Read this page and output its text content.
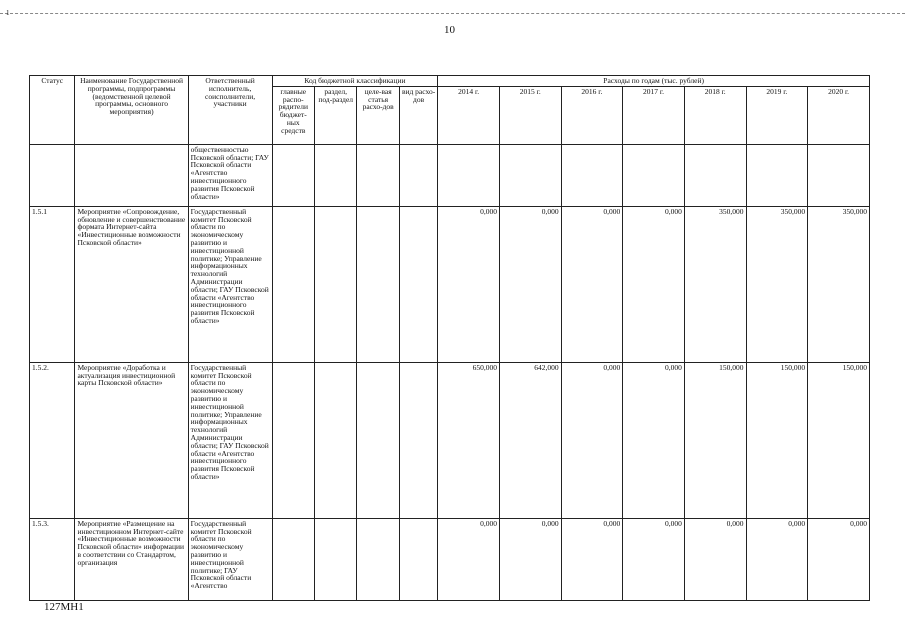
1
10
Статус	Наименование Государственной программы, подпрограммы (ведомственной целевой программы, основного мероприятия)	Ответственный исполнитель, соисполнители, участники	Код бюджетной классификации				Расходы по годам (тыс. рублей)						
			главные распо-рядители бюджет-ных средств	раздел, под-раздел	целе-вая статья расхо-дов	вид расхо-дов	2014 г.	2015 г.	2016 г.	2017 г.	2018 г.	2019 г.	2020 г.
		общественностью Псковской области; ГАУ Псковской области «Агентство инвестиционного развития Псковской области»											
1.5.1	Мероприятие «Сопровождение, обновление и совершенствование формата Интернет-сайта «Инвестиционные возможности Псковской области»	Государственный комитет Псковской области по экономическому развитию и инвестиционной политике; Управление информационных технологий Администрации области; ГАУ Псковской области «Агентство инвестиционного развития Псковской области»					0,000	0,000	0,000	0,000	350,000	350,000	350,000
1.5.2.	Мероприятие «Доработка и актуализация инвестиционной карты Псковской области»	Государственный комитет Псковской области по экономическому развитию и инвестиционной политике; Управление информационных технологий Администрации области; ГАУ Псковской области «Агентство инвестиционного развития Псковской области»					650,000	642,000	0,000	0,000	150,000	150,000	150,000
1.5.3.	Мероприятие «Размещение на инвестиционном Интернет-сайте «Инвестиционные возможности Псковской области» информации в соответствии со Стандартом, организация	Государственный комитет Псковской области по экономическому развитию и инвестиционной политике; ГАУ Псковской области «Агентство					0,000	0,000	0,000	0,000	0,000	0,000	0,000
127МН1
